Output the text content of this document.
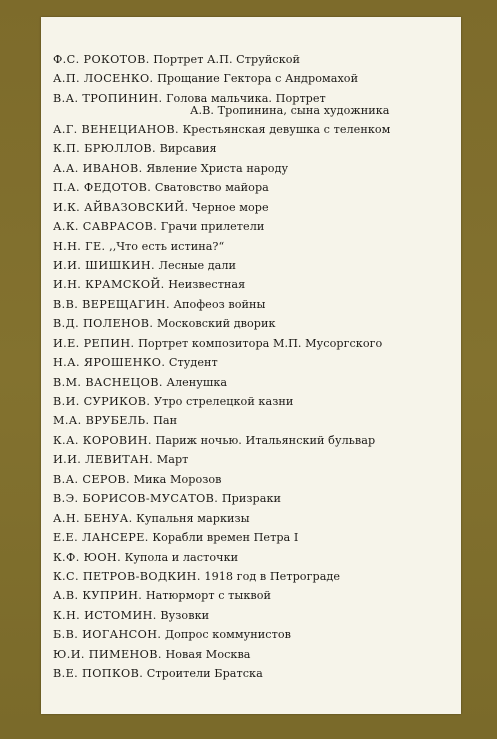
Ф.С. РОКОТОВ. Портрет А.П. Струйской
А.П. ЛОСЕНКО. Прощание Гектора с Андромахой
В.А. ТРОПИНИН. Голова мальчика. Портрет
А.В. Тропинина, сына художника
А.Г. ВЕНЕЦИАНОВ. Крестьянская девушка с теленком
К.П. БРЮЛЛОВ. Вирсавия
А.А. ИВАНОВ. Явление Христа народу
П.А. ФЕДОТОВ. Сватовство майора
И.К. АЙВАЗОВСКИЙ. Черное море
А.К. САВРАСОВ. Грачи прилетели
Н.Н. ГЕ. ,,Что есть истина?“
И.И. ШИШКИН. Лесные дали
И.Н. КРАМСКОЙ. Неизвестная
В.В. ВЕРЕЩАГИН. Апофеоз войны
В.Д. ПОЛЕНОВ. Московский дворик
И.Е. РЕПИН. Портрет композитора М.П. Мусоргского
Н.А. ЯРОШЕНКО. Студент
В.М. ВАСНЕЦОВ. Аленушка
В.И. СУРИКОВ. Утро стрелецкой казни
М.А. ВРУБЕЛЬ. Пан
К.А. КОРОВИН. Париж ночью. Итальянский бульвар
И.И. ЛЕВИТАН. Март
В.А. СЕРОВ. Мика Морозов
В.Э. БОРИСОВ-МУСАТОВ. Призраки
А.Н. БЕНУА. Купальня маркизы
Е.Е. ЛАНСЕРЕ. Корабли времен Петра I
К.Ф. ЮОН. Купола и ласточки
К.С. ПЕТРОВ-ВОДКИН. 1918 год в Петрограде
А.В. КУПРИН. Натюрморт с тыквой
К.Н. ИСТОМИН. Вузовки
Б.В. ИОГАНСОН. Допрос коммунистов
Ю.И. ПИМЕНОВ. Новая Москва
В.Е. ПОПКОВ. Строители Братска
